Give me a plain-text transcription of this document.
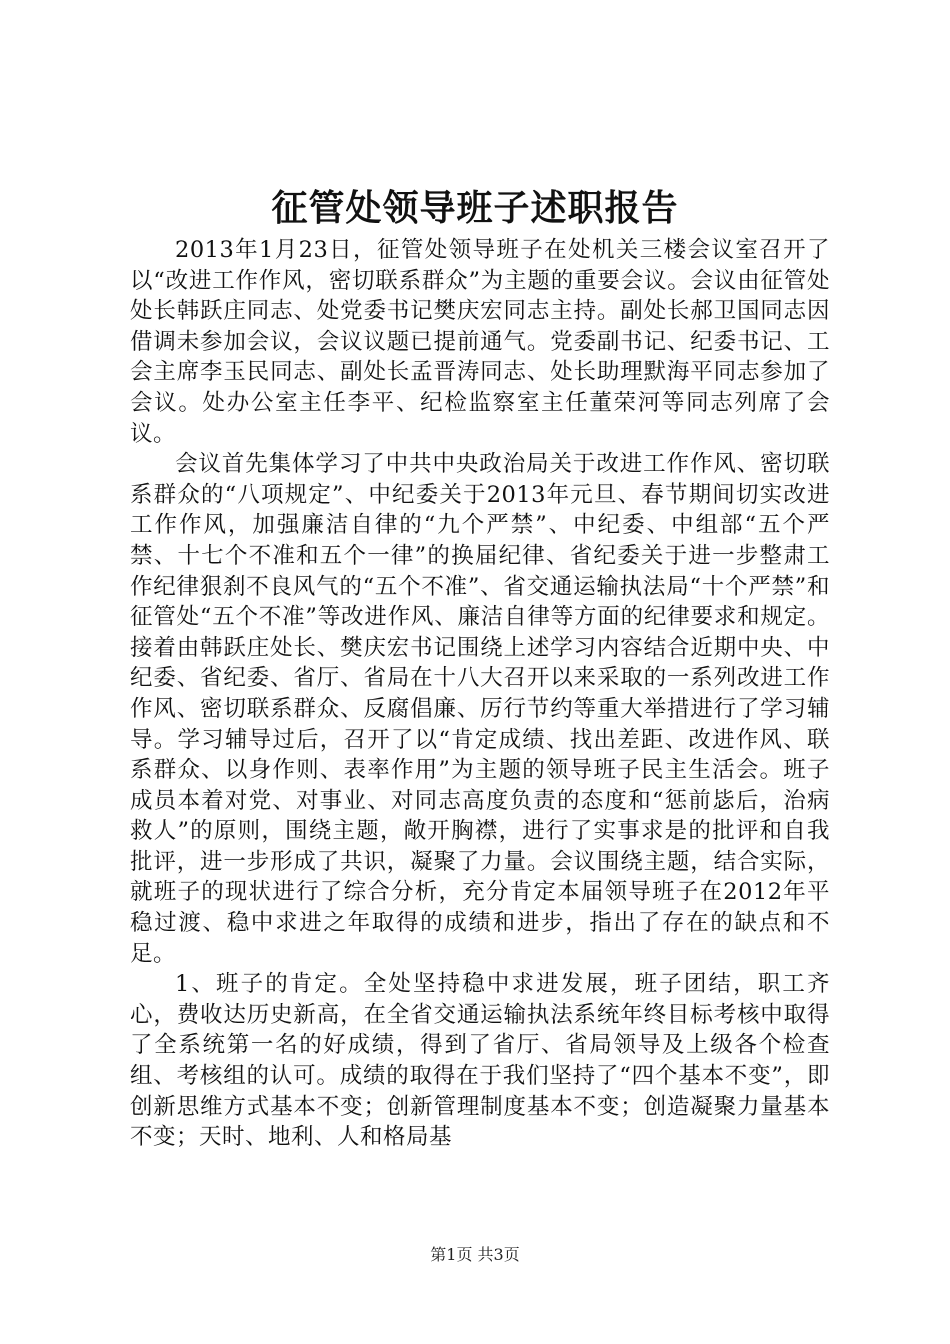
征管处领导班子述职报告

2013年1月23日，征管处领导班子在处机关三楼会议室召开了以“改进工作作风，密切联系群众”为主题的重要会议。会议由征管处处长韩跃庄同志、处党委书记樊庆宏同志主持。副处长郝卫国同志因借调未参加会议，会议议题已提前通气。党委副书记、纪委书记、工会主席李玉民同志、副处长孟晋涛同志、处长助理默海平同志参加了会议。处办公室主任李平、纪检监察室主任董荣河等同志列席了会议。

会议首先集体学习了中共中央政治局关于改进工作作风、密切联系群众的“八项规定”、中纪委关于2013年元旦、春节期间切实改进工作作风，加强廉洁自律的“九个严禁”、中纪委、中组部“五个严禁、十七个不准和五个一律”的换届纪律、省纪委关于进一步整肃工作纪律狠刹不良风气的“五个不准”、省交通运输执法局“十个严禁”和征管处“五个不准”等改进作风、廉洁自律等方面的纪律要求和规定。接着由韩跃庄处长、樊庆宏书记围绕上述学习内容结合近期中央、中纪委、省纪委、省厅、省局在十八大召开以来采取的一系列改进工作作风、密切联系群众、反腐倡廉、厉行节约等重大举措进行了学习辅导。学习辅导过后，召开了以“肯定成绩、找出差距、改进作风、联系群众、以身作则、表率作用”为主题的领导班子民主生活会。班子成员本着对党、对事业、对同志高度负责的态度和“惩前毖后，治病救人”的原则，围绕主题，敞开胸襟，进行了实事求是的批评和自我批评，进一步形成了共识，凝聚了力量。会议围绕主题，结合实际，就班子的现状进行了综合分析，充分肯定本届领导班子在2012年平稳过渡、稳中求进之年取得的成绩和进步，指出了存在的缺点和不足。

1、班子的肯定。全处坚持稳中求进发展，班子团结，职工齐心，费收达历史新高，在全省交通运输执法系统年终目标考核中取得了全系统第一名的好成绩，得到了省厅、省局领导及上级各个检查组、考核组的认可。成绩的取得在于我们坚持了“四个基本不变”，即创新思维方式基本不变；创新管理制度基本不变；创造凝聚力量基本不变；天时、地利、人和格局基

第1页 共3页
